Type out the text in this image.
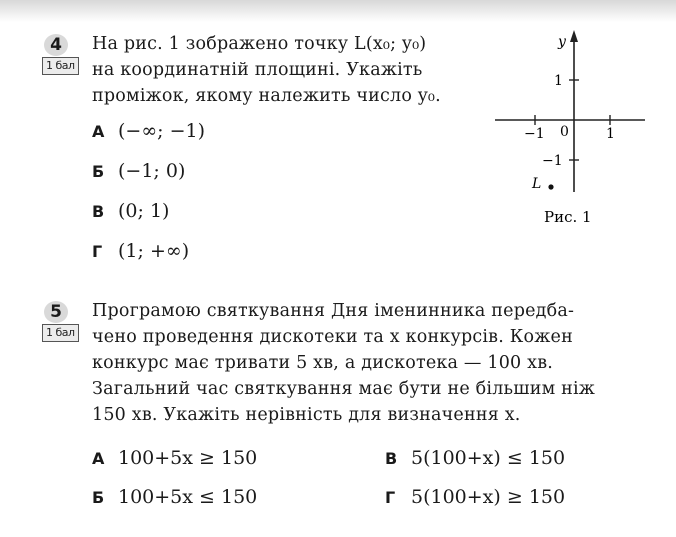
4
1 бал
На рис. 1 зображено точку L(x₀; y₀)
на координатній площині. Укажіть
проміжок, якому належить число y₀.
А (−∞; −1)
Б (−1; 0)
В (0; 1)
Г (1; +∞)
y
1
−1 0	1
−1
L
Рис. 1
5
1 бал
Програмою святкування Дня іменинника передба-
чено проведення дискотеки та x конкурсів. Кожен
конкурс має тривати 5 хв, а дискотека — 100 хв.
Загальний час святкування має бути не більшим ніж
150 хв. Укажіть нерівність для визначення x.
А 100+5x ≥ 150	В 5(100+x) ≤ 150
Б 100+5x ≤ 150	Г 5(100+x) ≥ 150
